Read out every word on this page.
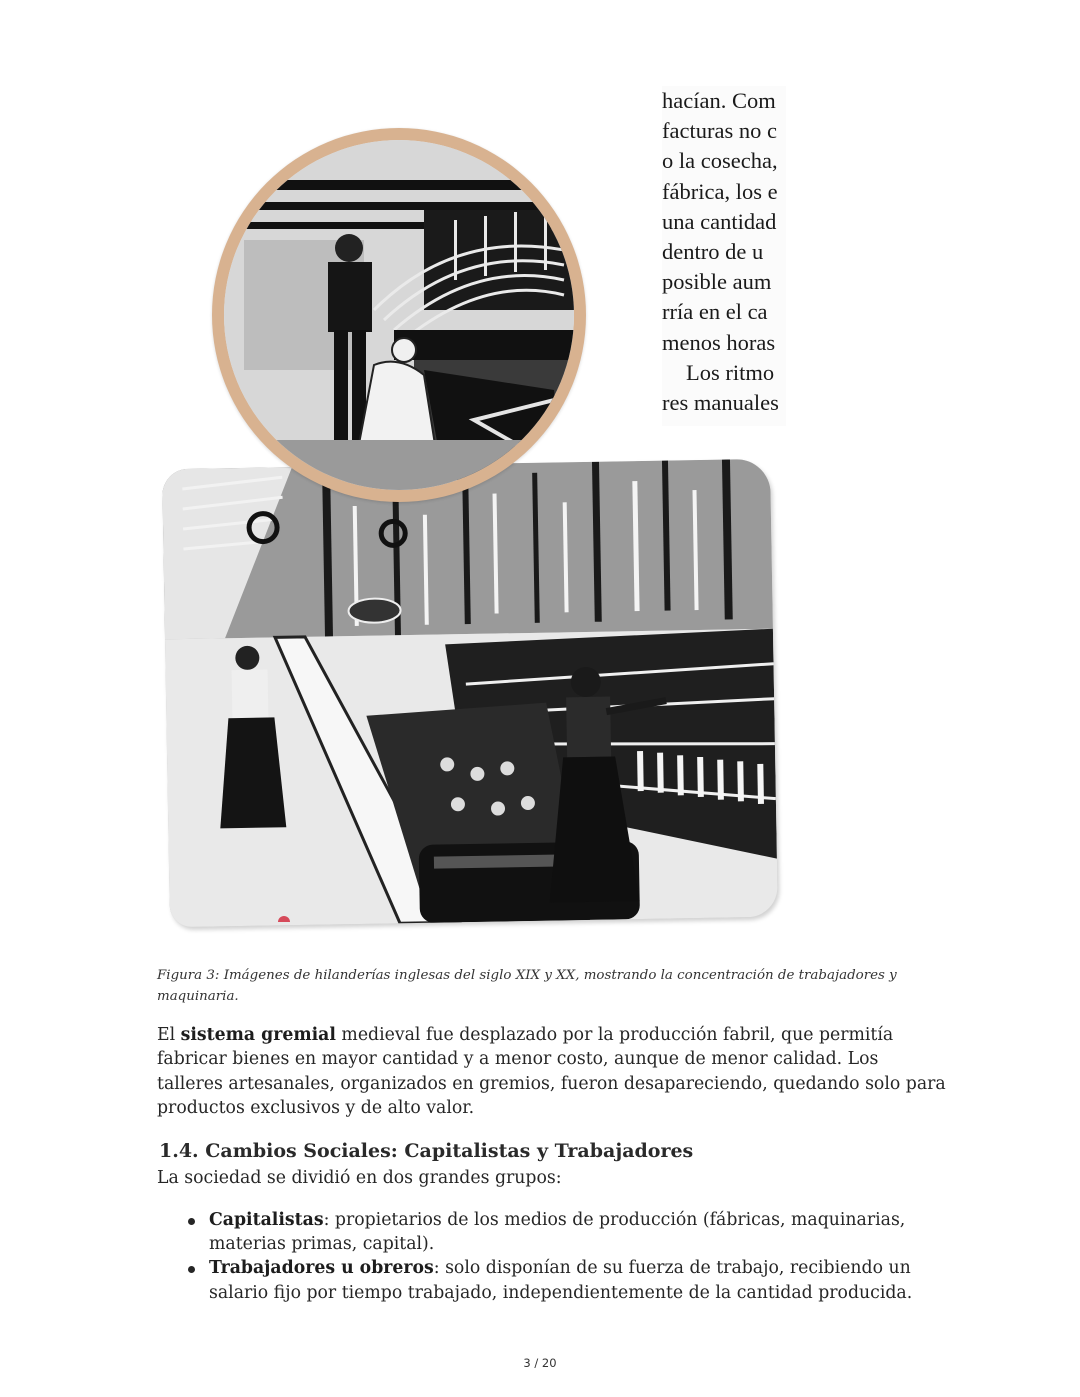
hacían. Com
facturas no c
o la cosecha,
fábrica, los e
una cantidad
dentro de u
posible aum
rría en el ca
menos horas
Los ritmo
res manuales
Figura 3: Imágenes de hilanderías inglesas del siglo XIX y XX, mostrando la concentración de trabajadores y maquinaria.

El sistema gremial medieval fue desplazado por la producción fabril, que permitía fabricar bienes en mayor cantidad y a menor costo, aunque de menor calidad. Los talleres artesanales, organizados en gremios, fueron desapareciendo, quedando solo para productos exclusivos y de alto valor.

1.4. Cambios Sociales: Capitalistas y Trabajadores
La sociedad se dividió en dos grandes grupos:
Capitalistas: propietarios de los medios de producción (fábricas, maquinarias, materias primas, capital).
Trabajadores u obreros: solo disponían de su fuerza de trabajo, recibiendo un salario fijo por tiempo trabajado, independientemente de la cantidad producida.
3 / 20
